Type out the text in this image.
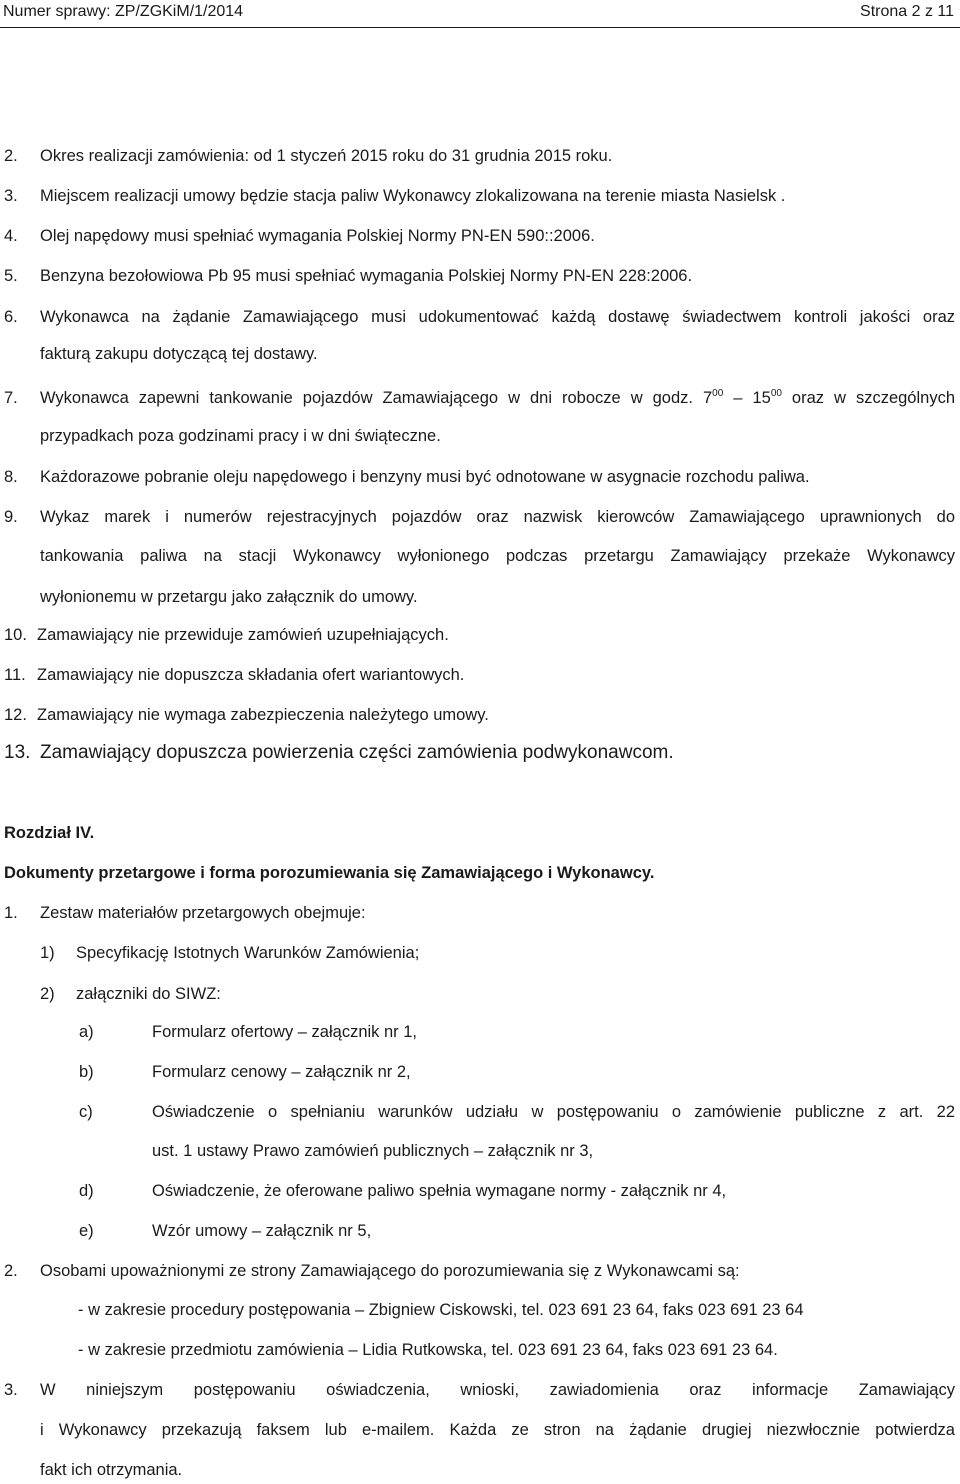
Numer sprawy: ZP/ZGKiM/1/2014	Strona 2 z 11
2. Okres realizacji zamówienia: od 1 styczeń 2015 roku do 31 grudnia 2015 roku.
3. Miejscem realizacji umowy będzie stacja paliw Wykonawcy zlokalizowana na terenie miasta Nasielsk .
4. Olej napędowy musi spełniać wymagania Polskiej Normy PN-EN 590::2006.
5. Benzyna bezołowiowa Pb 95 musi spełniać wymagania Polskiej Normy PN-EN 228:2006.
6. Wykonawca na żądanie Zamawiającego musi udokumentować każdą dostawę świadectwem kontroli jakości oraz
fakturą zakupu dotyczącą tej dostawy.
7. Wykonawca zapewni tankowanie pojazdów Zamawiającego w dni robocze w godz. $7^{00} - 15^{00}$ oraz w szczególnych
przypadkach poza godzinami pracy i w dni świąteczne.
8. Każdorazowe pobranie oleju napędowego i benzyny musi być odnotowane w asygnacie rozchodu paliwa.
9. Wykaz marek i numerów rejestracyjnych pojazdów oraz nazwisk kierowców Zamawiającego uprawnionych do
tankowania paliwa na stacji Wykonawcy wyłonionego podczas przetargu Zamawiający przekaże Wykonawcy
wyłonionemu w przetargu jako załącznik do umowy.
10. Zamawiający nie przewiduje zamówień uzupełniających.
11. Zamawiający nie dopuszcza składania ofert wariantowych.
12. Zamawiający nie wymaga zabezpieczenia należytego umowy.
13. Zamawiający dopuszcza powierzenia części zamówienia podwykonawcom.
Rozdział IV.
Dokumenty przetargowe i forma porozumiewania się Zamawiającego i Wykonawcy.
1. Zestaw materiałów przetargowych obejmuje:
1) Specyfikację Istotnych Warunków Zamówienia;
2) załączniki do SIWZ:
a)	Formularz ofertowy – załącznik nr 1,
b)	Formularz cenowy – załącznik nr 2,
c)	Oświadczenie o spełnianiu warunków udziału w postępowaniu o zamówienie publiczne z art. 22
ust. 1 ustawy Prawo zamówień publicznych – załącznik nr 3,
d)	Oświadczenie, że oferowane paliwo spełnia wymagane normy - załącznik nr 4,
e)	Wzór umowy – załącznik nr 5,
2. Osobami upoważnionymi ze strony Zamawiającego do porozumiewania się z Wykonawcami są:
- w zakresie procedury postępowania – Zbigniew Ciskowski, tel. 023 691 23 64, faks 023 691 23 64
- w zakresie przedmiotu zamówienia – Lidia Rutkowska, tel. 023 691 23 64, faks 023 691 23 64.
3. W niniejszym postępowaniu oświadczenia, wnioski, zawiadomienia oraz informacje Zamawiający
i Wykonawcy przekazują faksem lub e-mailem. Każda ze stron na żądanie drugiej niezwłocznie potwierdza
fakt ich otrzymania.
